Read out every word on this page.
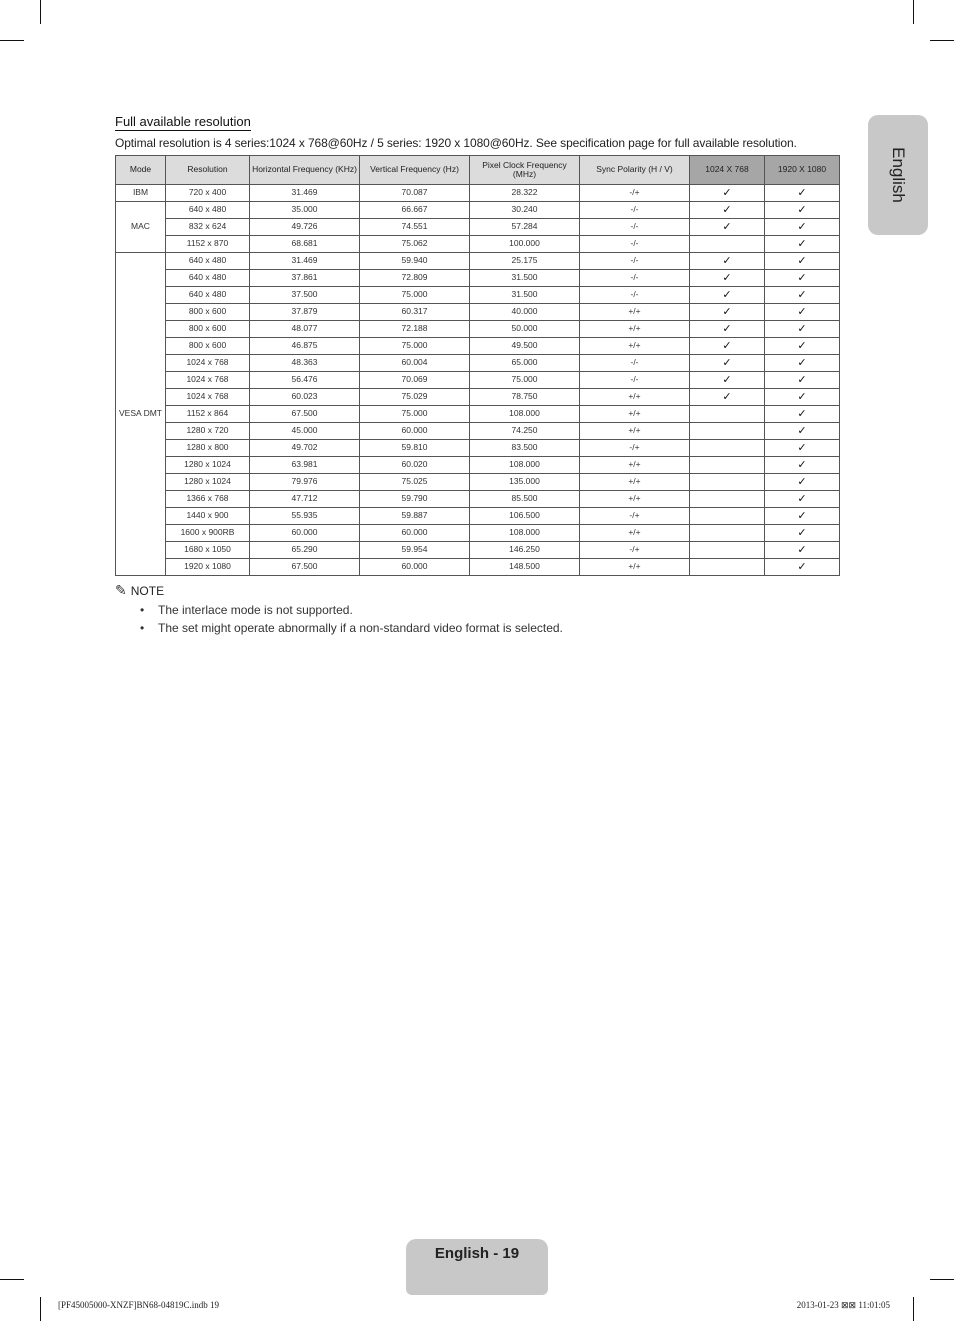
English
Full available resolution
Optimal resolution is 4 series:1024 x 768@60Hz / 5 series: 1920 x 1080@60Hz. See specification page for full available resolution.
Mode	Resolution	Horizontal Frequency (KHz)	Vertical Frequency (Hz)	Pixel Clock Frequency (MHz)	Sync Polarity (H / V)	1024 X 768	1920 X 1080
IBM	720 x 400	31.469	70.087	28.322	-/+	✓	✓
MAC	640 x 480	35.000	66.667	30.240	-/-	✓	✓
	832 x 624	49.726	74.551	57.284	-/-	✓	✓
	1152 x 870	68.681	75.062	100.000	-/-		✓
VESA DMT	640 x 480	31.469	59.940	25.175	-/-	✓	✓
	640 x 480	37.861	72.809	31.500	-/-	✓	✓
	640 x 480	37.500	75.000	31.500	-/-	✓	✓
	800 x 600	37.879	60.317	40.000	+/+	✓	✓
	800 x 600	48.077	72.188	50.000	+/+	✓	✓
	800 x 600	46.875	75.000	49.500	+/+	✓	✓
	1024 x 768	48.363	60.004	65.000	-/-	✓	✓
	1024 x 768	56.476	70.069	75.000	-/-	✓	✓
	1024 x 768	60.023	75.029	78.750	+/+	✓	✓
	1152 x 864	67.500	75.000	108.000	+/+		✓
	1280 x 720	45.000	60.000	74.250	+/+		✓
	1280 x 800	49.702	59.810	83.500	-/+		✓
	1280 x 1024	63.981	60.020	108.000	+/+		✓
	1280 x 1024	79.976	75.025	135.000	+/+		✓
	1366 x 768	47.712	59.790	85.500	+/+		✓
	1440 x 900	55.935	59.887	106.500	-/+		✓
	1600 x 900RB	60.000	60.000	108.000	+/+		✓
	1680 x 1050	65.290	59.954	146.250	-/+		✓
	1920 x 1080	67.500	60.000	148.500	+/+		✓
✎ NOTE
•	The interlace mode is not supported.
•	The set might operate abnormally if a non-standard video format is selected.
English - 19
[PF45005000-XNZF]BN68-04819C.indb 19	2013-01-23 ⊠⊠ 11:01:05
